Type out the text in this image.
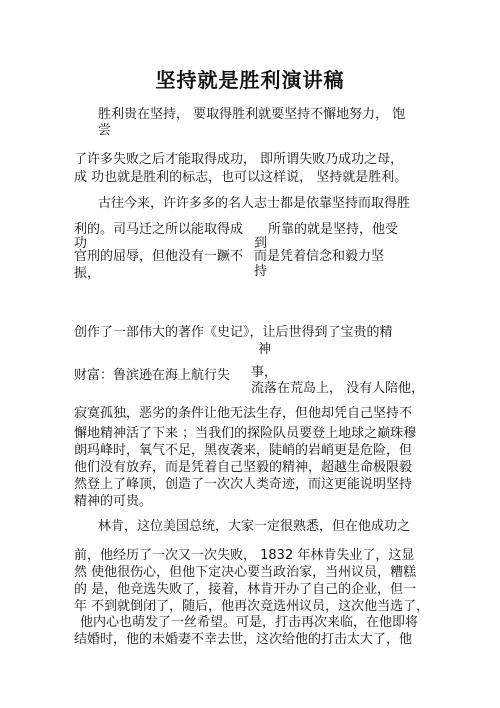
坚持就是胜利演讲稿
胜利贵在坚持， 要取得胜利就要坚持不懈地努力， 饱
尝
了许多失败之后才能取得成功， 即所谓失败乃成功之母，
成 功也就是胜利的标志，也可以这样说， 坚持就是胜利。
古往今来，许许多多的名人志士都是依靠坚持而取得胜
利的。司马迁之所以能取得成
功
所靠的就是坚持，他受
到
官刑的屈辱，但他没有一蹶不
振，
而是凭着信念和毅力坚
持
创作了一部伟大的著作《史记》，让后世得到了宝贵的精
神
财富：鲁滨逊在海上航行失 事，
流落在荒岛上， 没有人陪他，
寂寞孤独，恶劣的条件让他无法生存，但他却凭自己坚持不
懈地精神活了下来 ；当我们的探险队员要登上地球之巅珠穆
朗玛峰时，氧气不足，黑夜袭来，陡峭的岩峭更是危险，但
他们没有放弃，而是凭着自己坚毅的精神，超越生命极限毅
然登上了峰顶，创造了一次次人类奇迹，而这更能说明坚持
精神的可贵。
林肯，这位美国总统，大家一定很熟悉，但在他成功之
前，他经历了一次又一次失败， 1832 年林肯失业了，这显
然 使他很伤心，但他下定决心要当政治家，当州议员，糟糕
的 是，他竞选失败了，接着，林肯开办了自己的企业，但一
年 不到就倒闭了，随后，他再次竞选州议员，这次他当选了，
他内心也萌发了一丝希望。可是，打击再次来临，在他即将
结婚时，他的未婚妻不幸去世，这次给他的打击太大了，他
